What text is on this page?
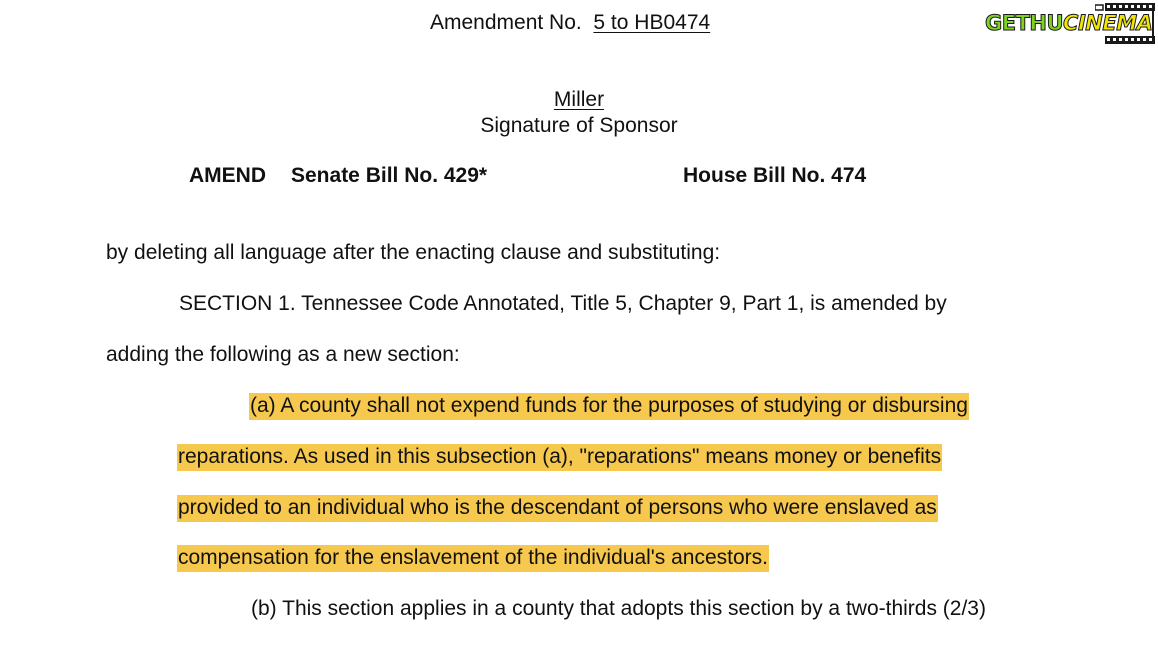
Amendment No. 5 to HB0474	GETHUCINEMA
Miller
Signature of Sponsor
AMEND Senate Bill No. 429*	House Bill No. 474
by deleting all language after the enacting clause and substituting:
SECTION 1. Tennessee Code Annotated, Title 5, Chapter 9, Part 1, is amended by
adding the following as a new section:
(a) A county shall not expend funds for the purposes of studying or disbursing
reparations. As used in this subsection (a), "reparations" means money or benefits
provided to an individual who is the descendant of persons who were enslaved as
compensation for the enslavement of the individual's ancestors.
(b) This section applies in a county that adopts this section by a two-thirds (2/3)
